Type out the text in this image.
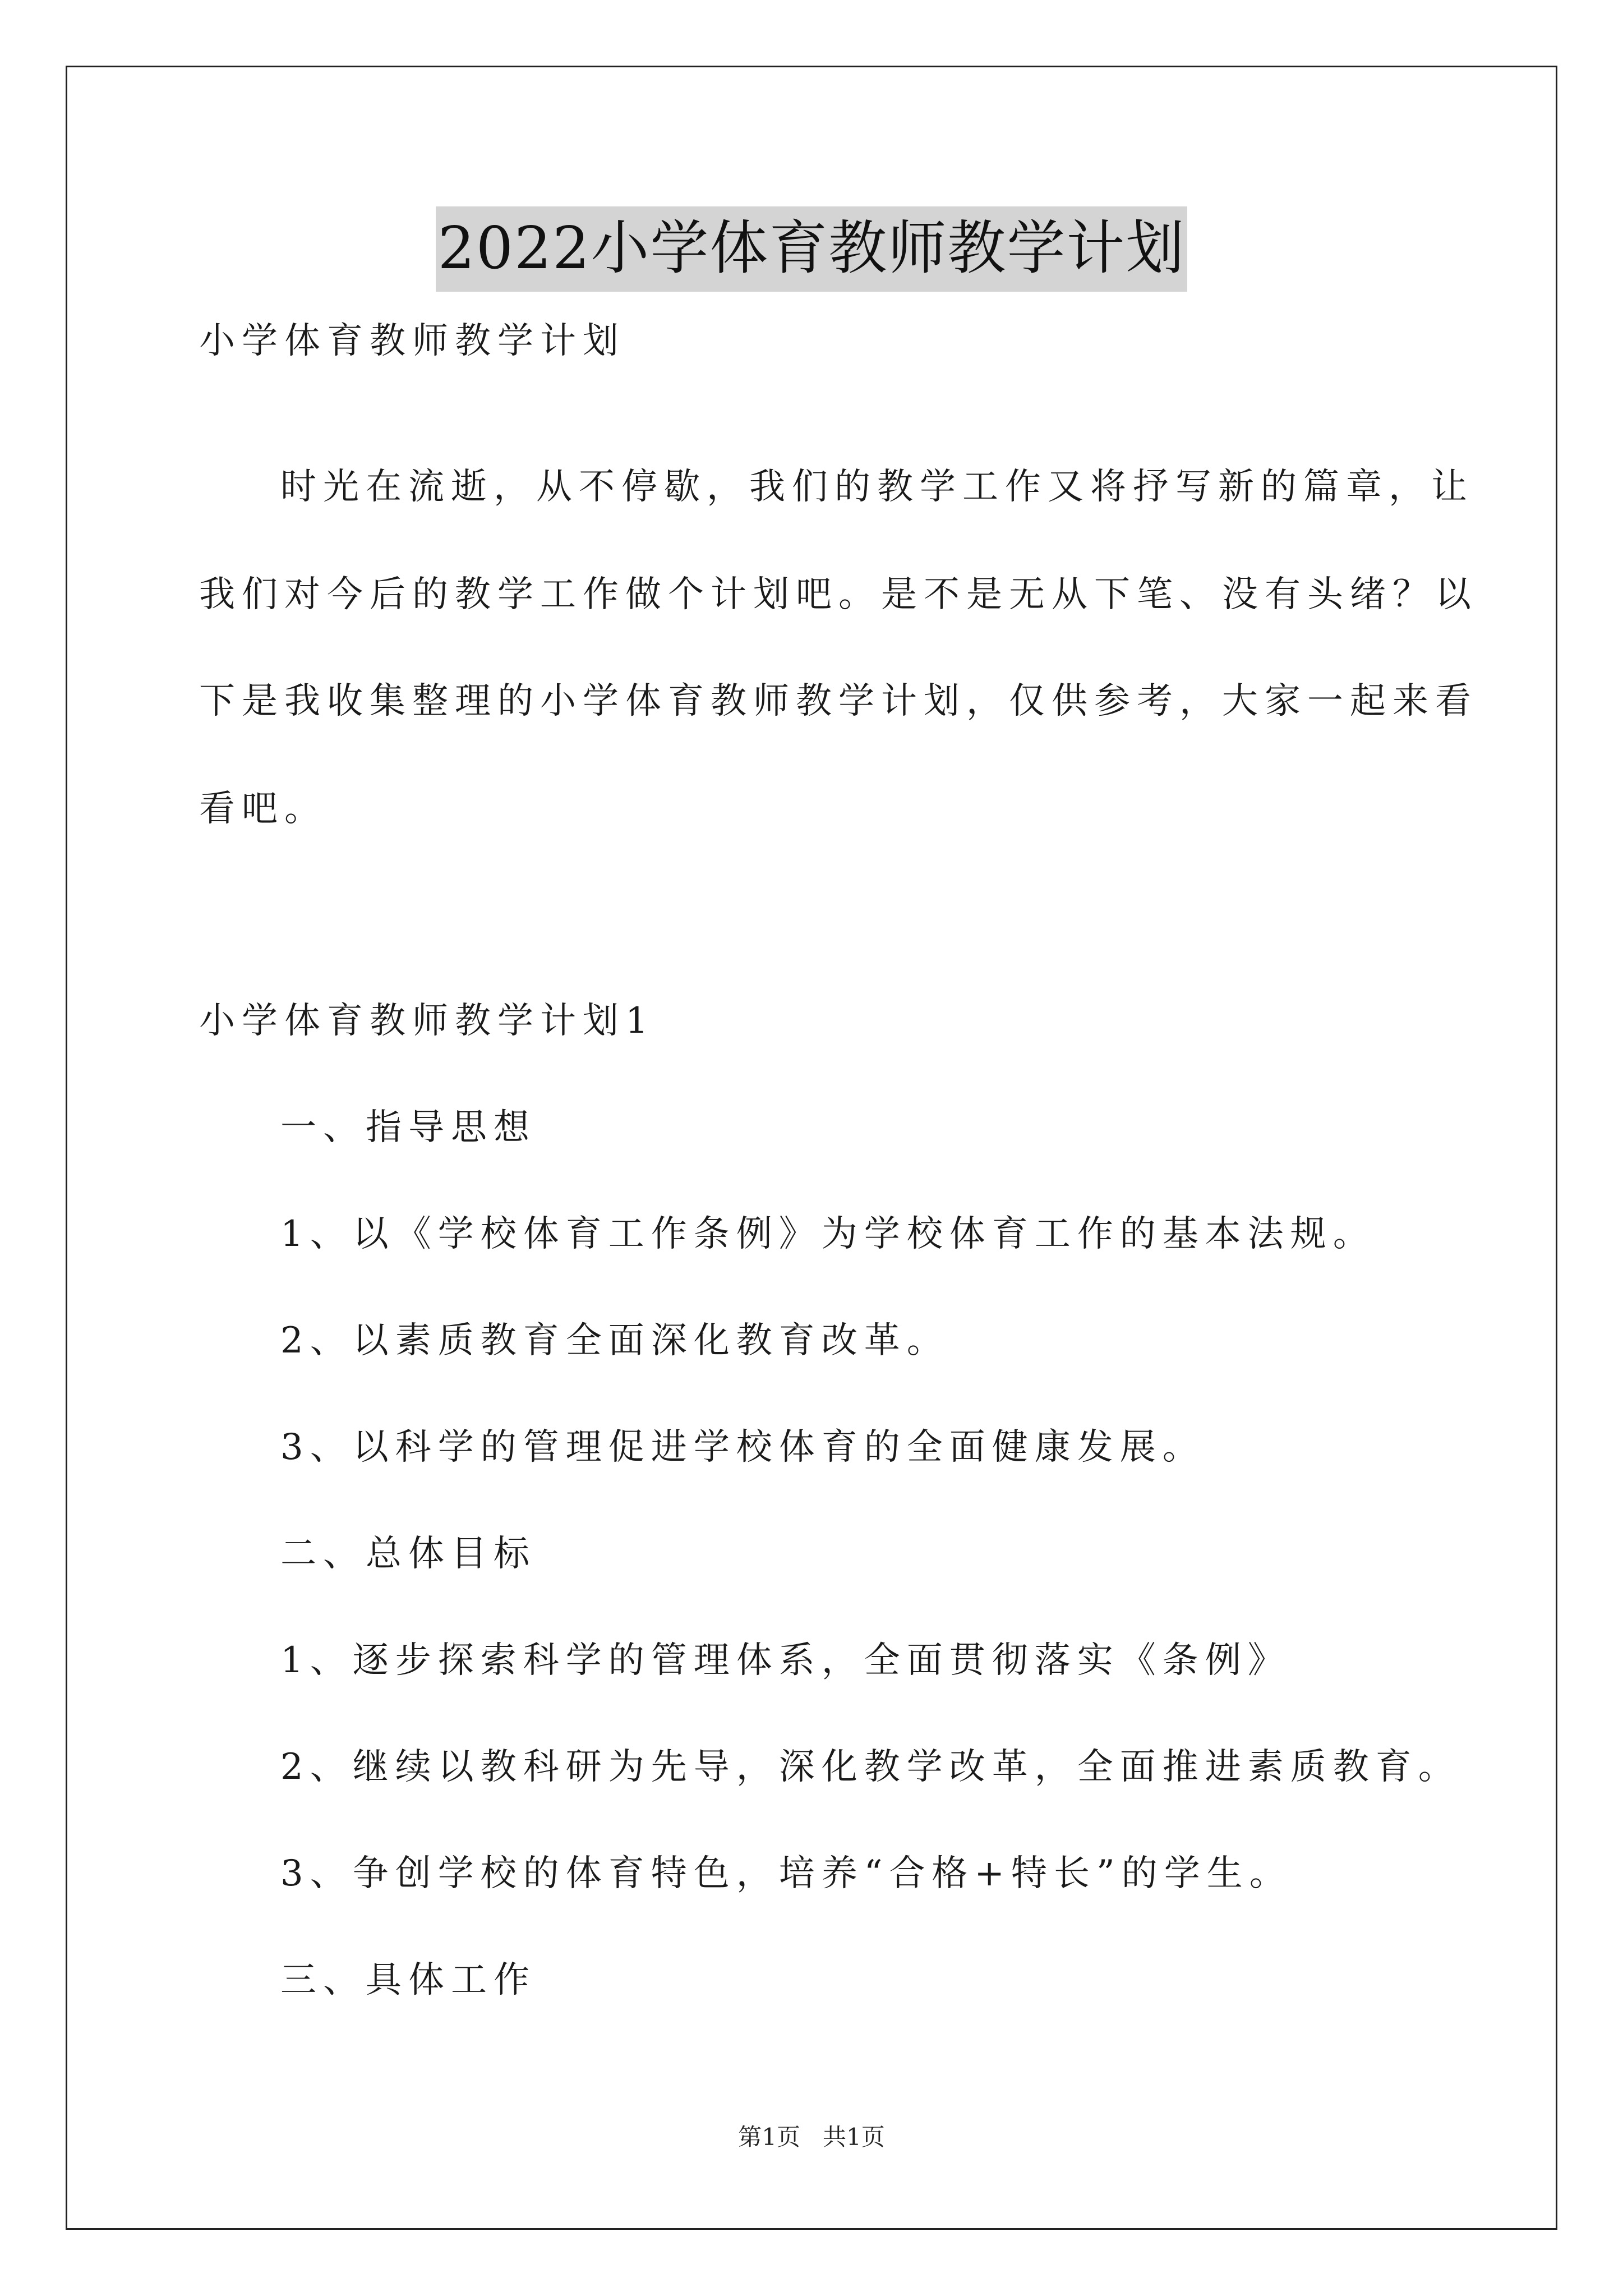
2022小学体育教师教学计划
小学体育教师教学计划
时光在流逝，从不停歇，我们的教学工作又将抒写新的篇章，让
我们对今后的教学工作做个计划吧。是不是无从下笔、没有头绪？以
下是我收集整理的小学体育教师教学计划，仅供参考，大家一起来看
看吧。
小学体育教师教学计划1
一、指导思想
1、以《学校体育工作条例》为学校体育工作的基本法规。
2、以素质教育全面深化教育改革。
3、以科学的管理促进学校体育的全面健康发展。
二、总体目标
1、逐步探索科学的管理体系，全面贯彻落实《条例》
2、继续以教科研为先导，深化教学改革，全面推进素质教育。
3、争创学校的体育特色，培养“合格+特长”的学生。
三、具体工作
第1页 共1页
